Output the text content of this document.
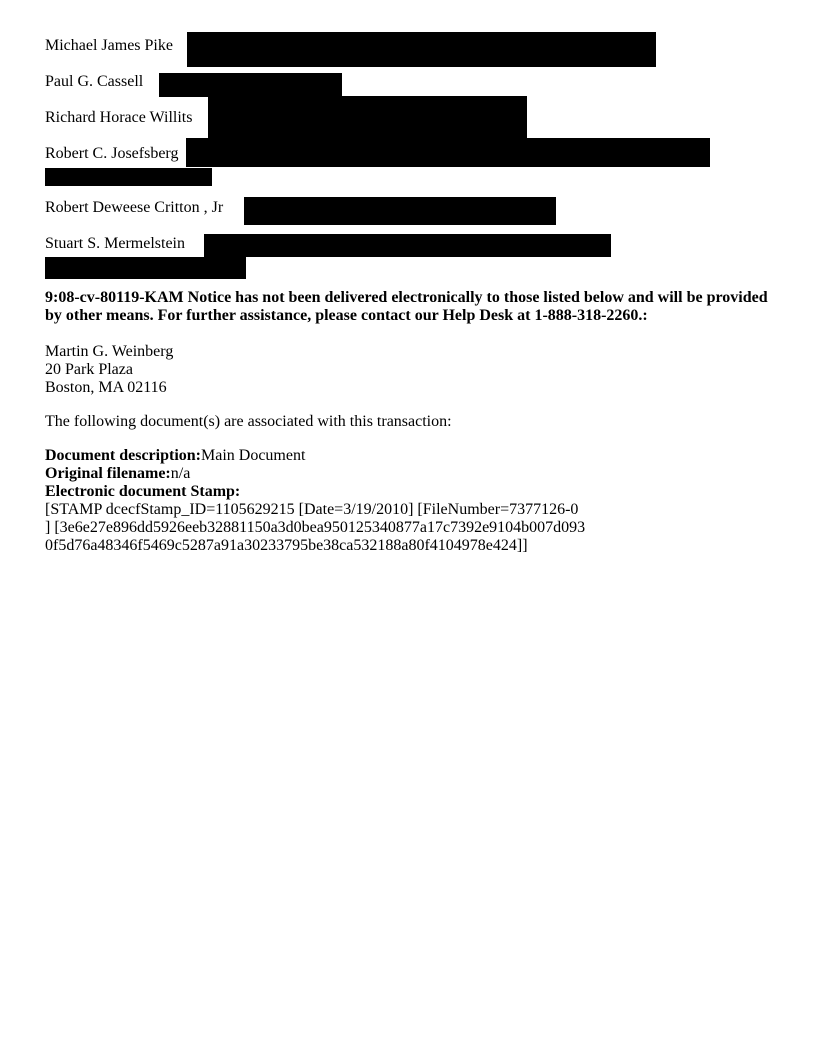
Michael James Pike
Paul G. Cassell
Richard Horace Willits
Robert C. Josefsberg
Robert Deweese Critton , Jr
Stuart S. Mermelstein
9:08-cv-80119-KAM Notice has not been delivered electronically to those listed below and will be provided by other means. For further assistance, please contact our Help Desk at 1-888-318-2260.:
Martin G. Weinberg
20 Park Plaza
Boston, MA 02116
The following document(s) are associated with this transaction:
Document description:Main Document
Original filename:n/a
Electronic document Stamp:
[STAMP dcecfStamp_ID=1105629215 [Date=3/19/2010] [FileNumber=7377126-0
] [3e6e27e896dd5926eeb32881150a3d0bea950125340877a17c7392e9104b007d093
0f5d76a48346f5469c5287a91a30233795be38ca532188a80f4104978e424]]
